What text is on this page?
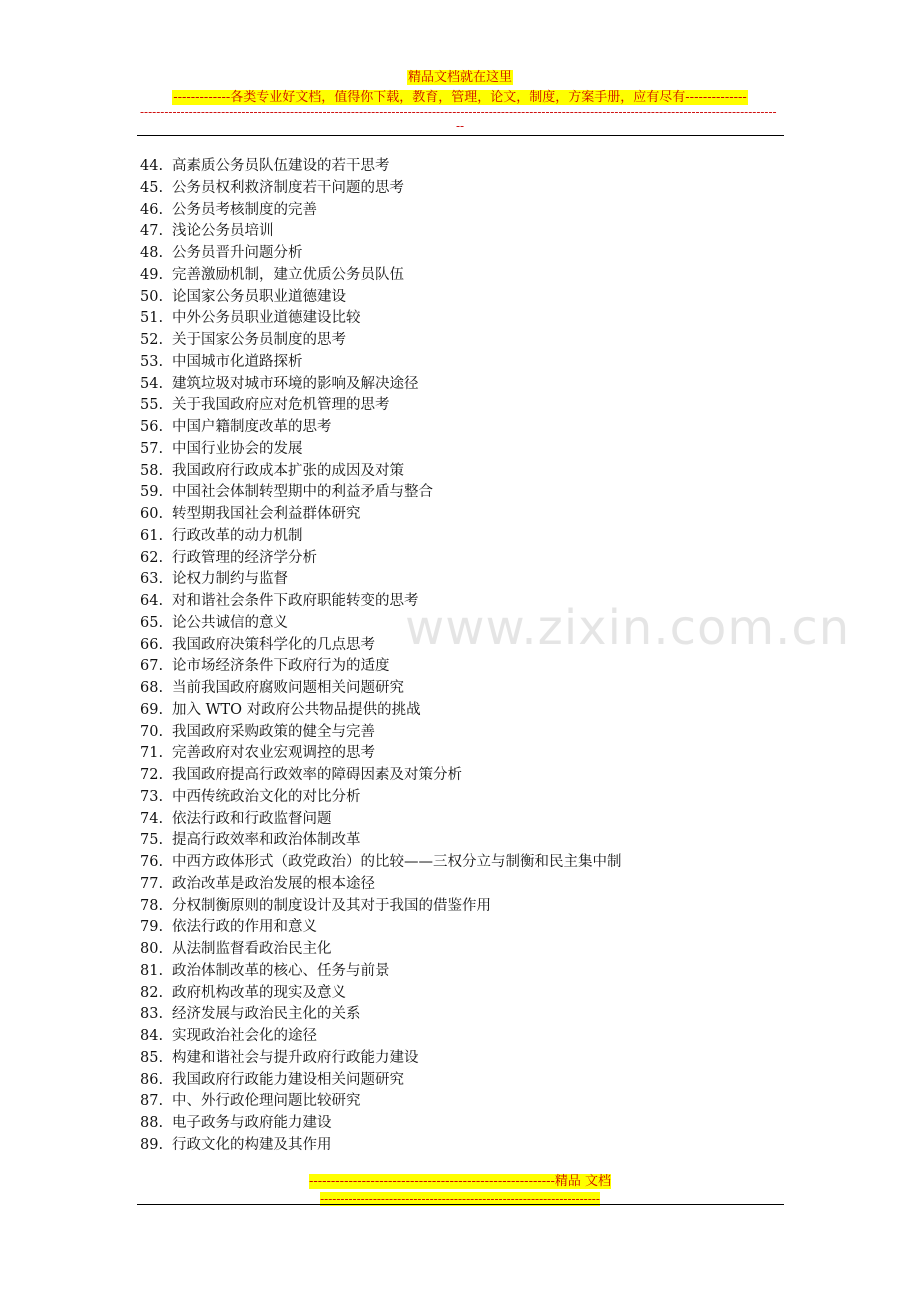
精品文档就在这里
-------------各类专业好文档，值得你下载，教育，管理，论文，制度，方案手册，应有尽有--------------
-------------------------------------------------------------------------------------------------------------------------------------------------------------
--
44. 高素质公务员队伍建设的若干思考
45. 公务员权利救济制度若干问题的思考
46. 公务员考核制度的完善
47. 浅论公务员培训
48. 公务员晋升问题分析
49. 完善激励机制，建立优质公务员队伍
50. 论国家公务员职业道德建设
51. 中外公务员职业道德建设比较
52. 关于国家公务员制度的思考
53. 中国城市化道路探析
54. 建筑垃圾对城市环境的影响及解决途径
55. 关于我国政府应对危机管理的思考
56. 中国户籍制度改革的思考
57. 中国行业协会的发展
58. 我国政府行政成本扩张的成因及对策
59. 中国社会体制转型期中的利益矛盾与整合
60. 转型期我国社会利益群体研究
61. 行政改革的动力机制
62. 行政管理的经济学分析
63. 论权力制约与监督
64. 对和谐社会条件下政府职能转变的思考
65. 论公共诚信的意义
66. 我国政府决策科学化的几点思考
67. 论市场经济条件下政府行为的适度
68. 当前我国政府腐败问题相关问题研究
69. 加入 WTO 对政府公共物品提供的挑战
70. 我国政府采购政策的健全与完善
71. 完善政府对农业宏观调控的思考
72. 我国政府提高行政效率的障碍因素及对策分析
73. 中西传统政治文化的对比分析
74. 依法行政和行政监督问题
75. 提高行政效率和政治体制改革
76. 中西方政体形式（政党政治）的比较——三权分立与制衡和民主集中制
77. 政治改革是政治发展的根本途径
78. 分权制衡原则的制度设计及其对于我国的借鉴作用
79. 依法行政的作用和意义
80. 从法制监督看政治民主化
81. 政治体制改革的核心、任务与前景
82. 政府机构改革的现实及意义
83. 经济发展与政治民主化的关系
84. 实现政治社会化的途径
85. 构建和谐社会与提升政府行政能力建设
86. 我国政府行政能力建设相关问题研究
87. 中、外行政伦理问题比较研究
88. 电子政务与政府能力建设
89. 行政文化的构建及其作用
www.zixin.com.cn
--------------------------------------------------------精品 文档
---------------------------------------------------------------------
